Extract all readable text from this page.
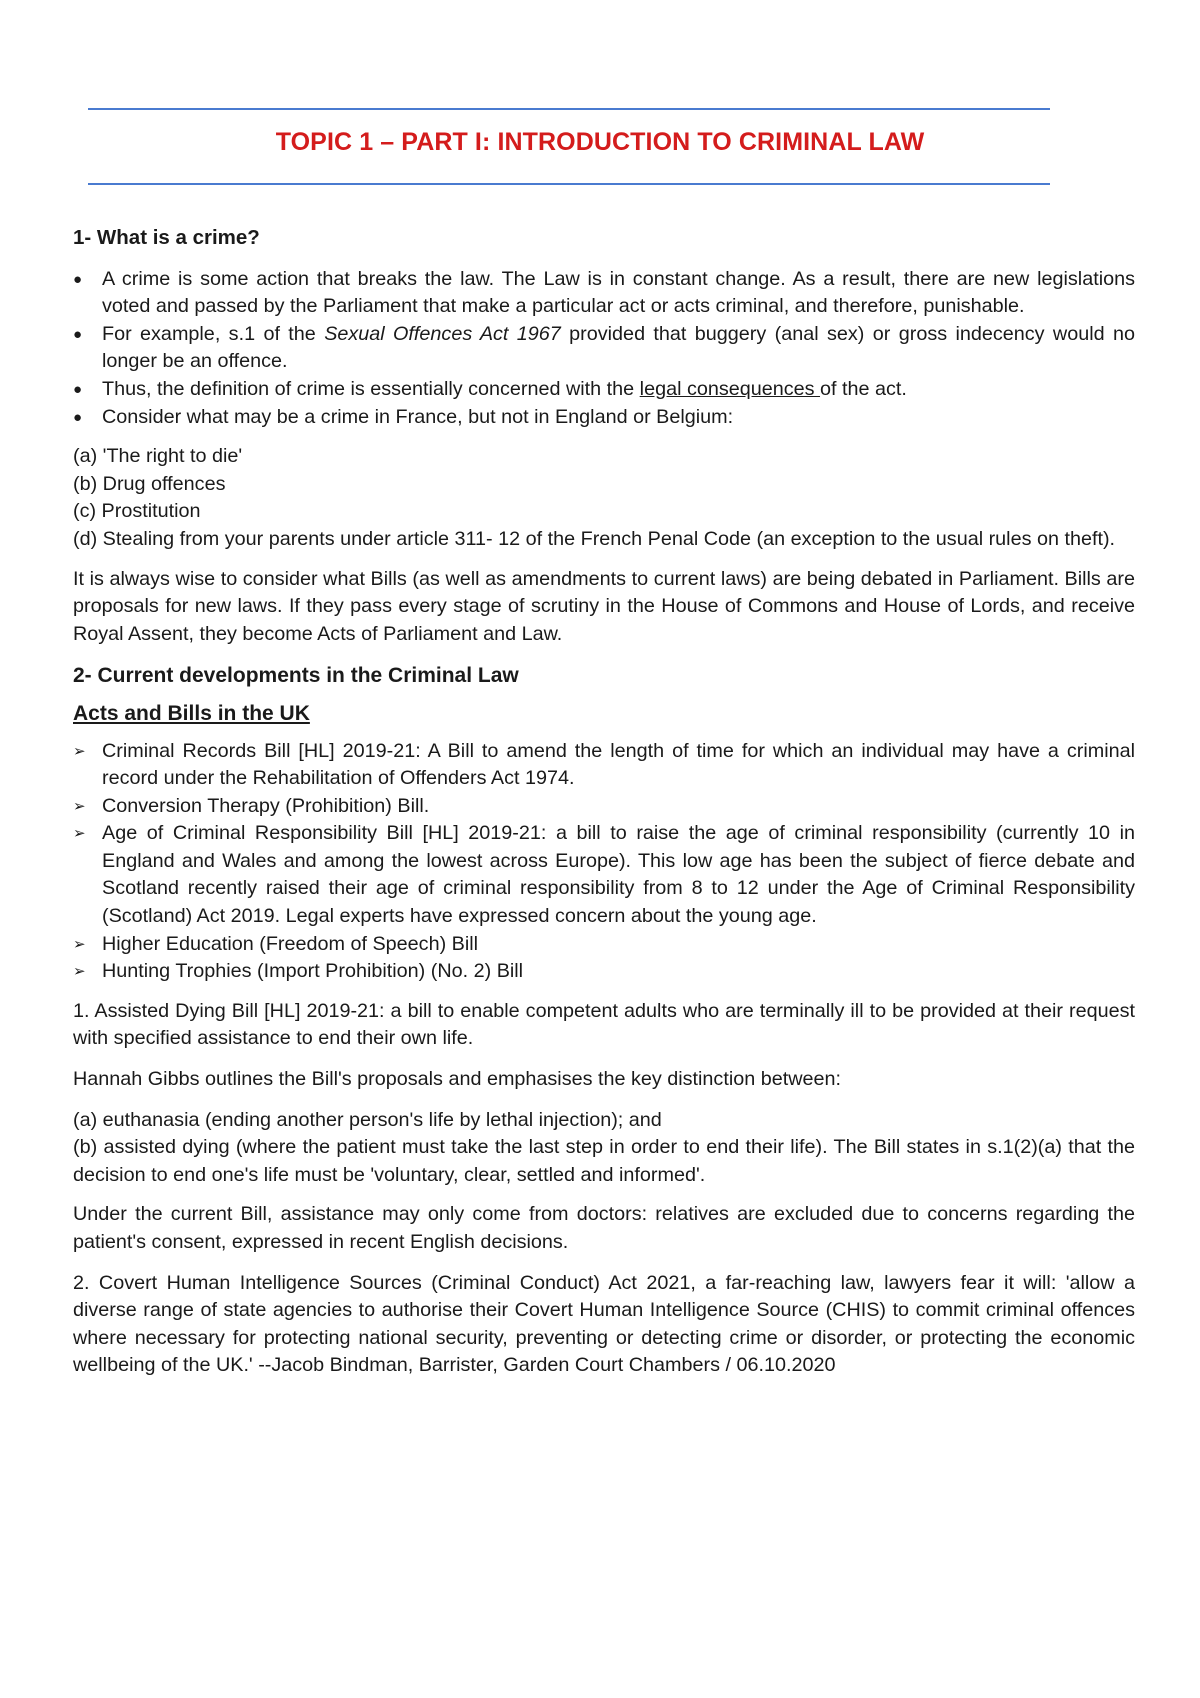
TOPIC 1 – PART I: INTRODUCTION TO CRIMINAL LAW
1- What is a crime?
●	A crime is some action that breaks the law. The Law is in constant change. As a result, there are new legislations voted and passed by the Parliament that make a particular act or acts criminal, and therefore, punishable.
●	For example, s.1 of the Sexual Offences Act 1967 provided that buggery (anal sex) or gross indecency would no longer be an offence.
●	Thus, the definition of crime is essentially concerned with the legal consequences of the act.
●	Consider what may be a crime in France, but not in England or Belgium:
(a) 'The right to die'
(b) Drug offences
(c) Prostitution
(d) Stealing from your parents under article 311- 12 of the French Penal Code (an exception to the usual rules on theft).

It is always wise to consider what Bills (as well as amendments to current laws) are being debated in Parliament. Bills are proposals for new laws. If they pass every stage of scrutiny in the House of Commons and House of Lords, and receive Royal Assent, they become Acts of Parliament and Law.

2- Current developments in the Criminal Law
Acts and Bills in the UK
➢ Criminal Records Bill [HL] 2019-21: A Bill to amend the length of time for which an individual may have a criminal record under the Rehabilitation of Offenders Act 1974.
➢ Conversion Therapy (Prohibition) Bill.
➢ Age of Criminal Responsibility Bill [HL] 2019-21: a bill to raise the age of criminal responsibility (currently 10 in England and Wales and among the lowest across Europe). This low age has been the subject of fierce debate and Scotland recently raised their age of criminal responsibility from 8 to 12 under the Age of Criminal Responsibility (Scotland) Act 2019. Legal experts have expressed concern about the young age.
➢ Higher Education (Freedom of Speech) Bill
➢ Hunting Trophies (Import Prohibition) (No. 2) Bill

1. Assisted Dying Bill [HL] 2019-21: a bill to enable competent adults who are terminally ill to be provided at their request with specified assistance to end their own life.

Hannah Gibbs outlines the Bill's proposals and emphasises the key distinction between:

(a) euthanasia (ending another person's life by lethal injection); and
(b) assisted dying (where the patient must take the last step in order to end their life). The Bill states in s.1(2)(a) that the decision to end one's life must be 'voluntary, clear, settled and informed'.

Under the current Bill, assistance may only come from doctors: relatives are excluded due to concerns regarding the patient's consent, expressed in recent English decisions.

2. Covert Human Intelligence Sources (Criminal Conduct) Act 2021, a far-reaching law, lawyers fear it will: 'allow a diverse range of state agencies to authorise their Covert Human Intelligence Source (CHIS) to commit criminal offences where necessary for protecting national security, preventing or detecting crime or disorder, or protecting the economic wellbeing of the UK.' --Jacob Bindman, Barrister, Garden Court Chambers / 06.10.2020
